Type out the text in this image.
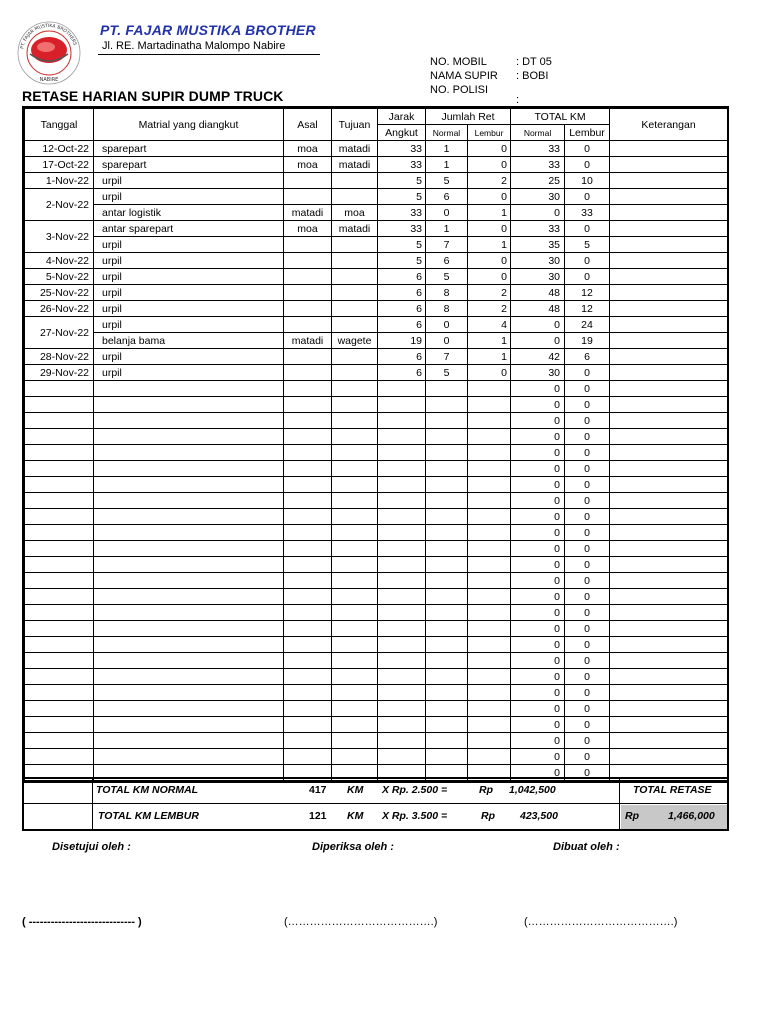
PT. FAJAR MUSTIKA BROTHERS
NABIRE
PT. FAJAR MUSTIKA BROTHER
Jl. RE. Martadinatha Malompo Nabire
NO. MOBIL	: DT 05
NAMA SUPIR : BOBI
NO. POLISI
:
RETASE HARIAN SUPIR DUMP TRUCK
Tanggal	Matrial yang diangkut	Asal	Tujuan	Jarak	Jumlah Ret		TOTAL KM		Keterangan
				Angkut	Normal	Lembur	Normal	Lembur	
12-Oct-22	sparepart	moa	matadi	33	1	0	33	0	
17-Oct-22	sparepart	moa	matadi	33	1	0	33	0	
1-Nov-22	urpil			5	5	2	25	10	
2-Nov-22	urpil			5	6	0	30	0	
	antar logistik	matadi	moa	33	0	1	0	33	
3-Nov-22	antar sparepart	moa	matadi	33	1	0	33	0	
	urpil			5	7	1	35	5	
4-Nov-22	urpil			5	6	0	30	0	
5-Nov-22	urpil			6	5	0	30	0	
25-Nov-22	urpil			6	8	2	48	12	
26-Nov-22	urpil			6	8	2	48	12	
27-Nov-22	urpil			6	0	4	0	24	
	belanja bama	matadi	wagete	19	0	1	0	19	
28-Nov-22	urpil			6	7	1	42	6	
29-Nov-22	urpil			6	5	0	30	0	
							0	0	
							0	0	
							0	0	
							0	0	
							0	0	
							0	0	
							0	0	
							0	0	
							0	0	
							0	0	
							0	0	
							0	0	
							0	0	
							0	0	
							0	0	
							0	0	
							0	0	
							0	0	
							0	0	
							0	0	
							0	0	
							0	0	
							0	0	
							0	0	
							0	0	
TOTAL KM NORMAL	417 KM X Rp. 2.500 =	Rp 1,042,500	TOTAL RETASE
TOTAL KM LEMBUR	121 KM X Rp. 3.500 =	Rp 423,500	Rp	1,466,000
Disetujui oleh :	Diperiksa oleh :	Dibuat oleh :
( ----------------------------- )	(………………………………….)	(………………………………….)
